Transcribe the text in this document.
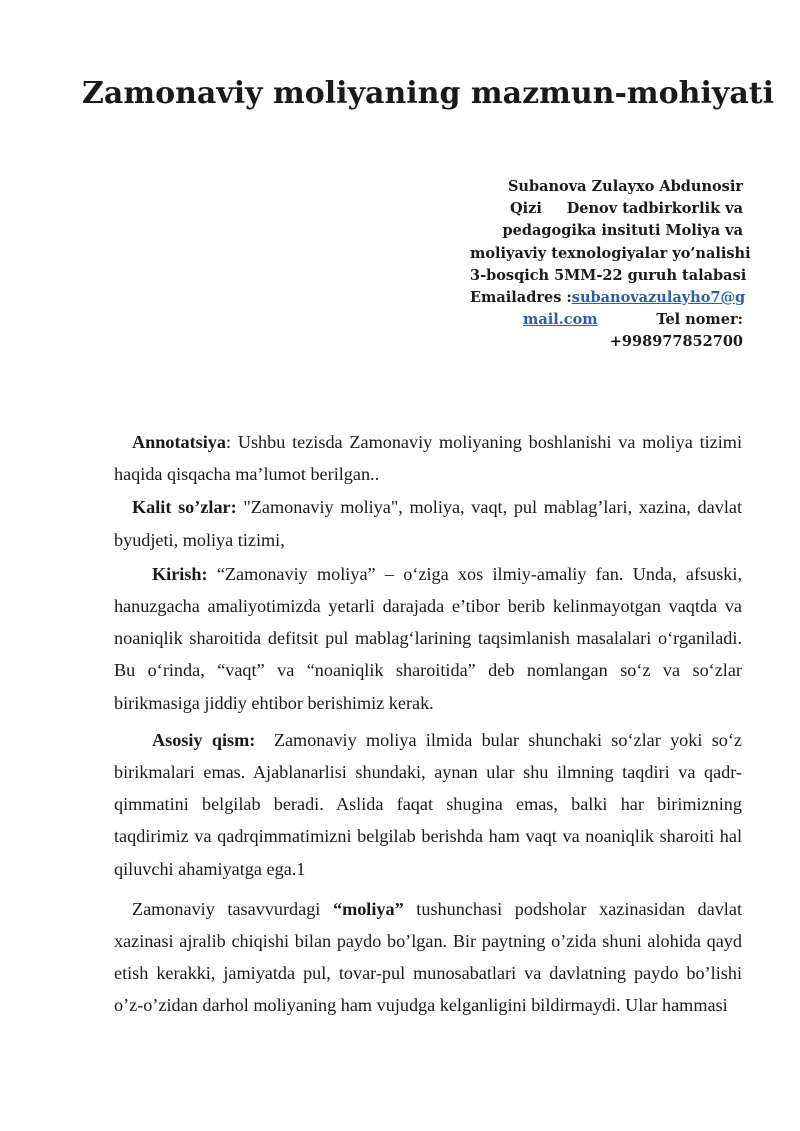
Zamonaviy moliyaning mazmun-mohiyati
Subanova Zulayxo Abdunosir
Qizi Denov tadbirkorlik va
pedagogika insituti Moliya va
moliyaviy texnologiyalar yo’nalishi
3-bosqich 5MM-22 guruh talabasi
Emailadres :subanovazulayho7@g
mail.com	Tel nomer:
+998977852700

Annotatsiya: Ushbu tezisda Zamonaviy moliyaning boshlanishi va moliya tizimi haqida qisqacha ma’lumot berilgan..

Kalit so’zlar: "Zamonaviy moliya", moliya, vaqt, pul mablag’lari, xazina, davlat byudjeti, moliya tizimi,

Kirish: “Zamonaviy moliya” – o‘ziga xos ilmiy-amaliy fan. Unda, afsuski, hanuzgacha amaliyotimizda yetarli darajada e’tibor berib kelinmayotgan vaqtda va noaniqlik sharoitida defitsit pul mablag‘larining taqsimlanish masalalari o‘rganiladi. Bu o‘rinda, “vaqt” va “noaniqlik sharoitida” deb nomlangan so‘z va so‘zlar birikmasiga jiddiy ehtibor berishimiz kerak.

Asosiy qism:  Zamonaviy moliya ilmida bular shunchaki so‘zlar yoki so‘z birikmalari emas. Ajablanarlisi shundaki, aynan ular shu ilmning taqdiri va qadr-qimmatini belgilab beradi. Aslida faqat shugina emas, balki har birimizning taqdirimiz va qadrqimmatimizni belgilab berishda ham vaqt va noaniqlik sharoiti hal qiluvchi ahamiyatga ega.1

Zamonaviy tasavvurdagi “moliya” tushunchasi podsholar xazinasidan davlat xazinasi ajralib chiqishi bilan paydo bo’lgan. Bir paytning o’zida shuni alohida qayd etish kerakki, jamiyatda pul, tovar-pul munosabatlari va davlatning paydo bo’lishi o’z-o’zidan darhol moliyaning ham vujudga kelganligini bildirmaydi. Ular hammasi
